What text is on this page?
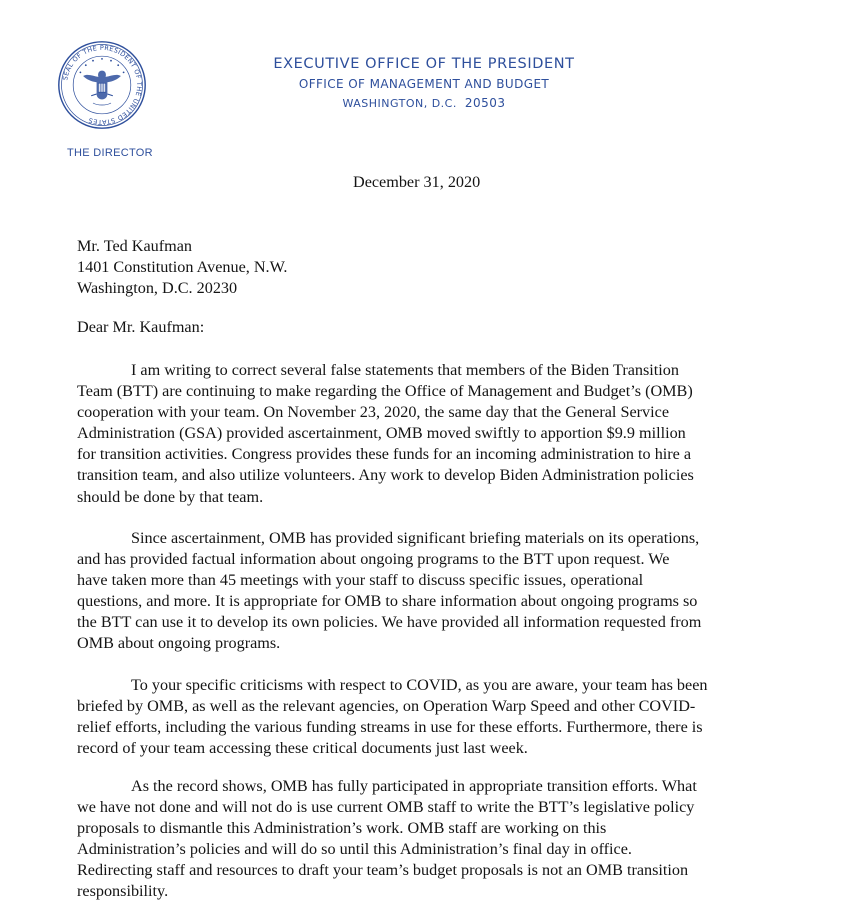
SEAL OF THE PRESIDENT OF THE UNITED STATES
THE DIRECTOR
EXECUTIVE OFFICE OF THE PRESIDENT
OFFICE OF MANAGEMENT AND BUDGET
WASHINGTON, D.C. 20503
December 31, 2020
Mr. Ted Kaufman
1401 Constitution Avenue, N.W.
Washington, D.C. 20230
Dear Mr. Kaufman:
I am writing to correct several false statements that members of the Biden Transition
Team (BTT) are continuing to make regarding the Office of Management and Budget’s (OMB)
cooperation with your team. On November 23, 2020, the same day that the General Service
Administration (GSA) provided ascertainment, OMB moved swiftly to apportion $9.9 million
for transition activities. Congress provides these funds for an incoming administration to hire a
transition team, and also utilize volunteers. Any work to develop Biden Administration policies
should be done by that team.
Since ascertainment, OMB has provided significant briefing materials on its operations,
and has provided factual information about ongoing programs to the BTT upon request. We
have taken more than 45 meetings with your staff to discuss specific issues, operational
questions, and more. It is appropriate for OMB to share information about ongoing programs so
the BTT can use it to develop its own policies. We have provided all information requested from
OMB about ongoing programs.
To your specific criticisms with respect to COVID, as you are aware, your team has been
briefed by OMB, as well as the relevant agencies, on Operation Warp Speed and other COVID-
relief efforts, including the various funding streams in use for these efforts. Furthermore, there is
record of your team accessing these critical documents just last week.
As the record shows, OMB has fully participated in appropriate transition efforts. What
we have not done and will not do is use current OMB staff to write the BTT’s legislative policy
proposals to dismantle this Administration’s work. OMB staff are working on this
Administration’s policies and will do so until this Administration’s final day in office.
Redirecting staff and resources to draft your team’s budget proposals is not an OMB transition
responsibility.
